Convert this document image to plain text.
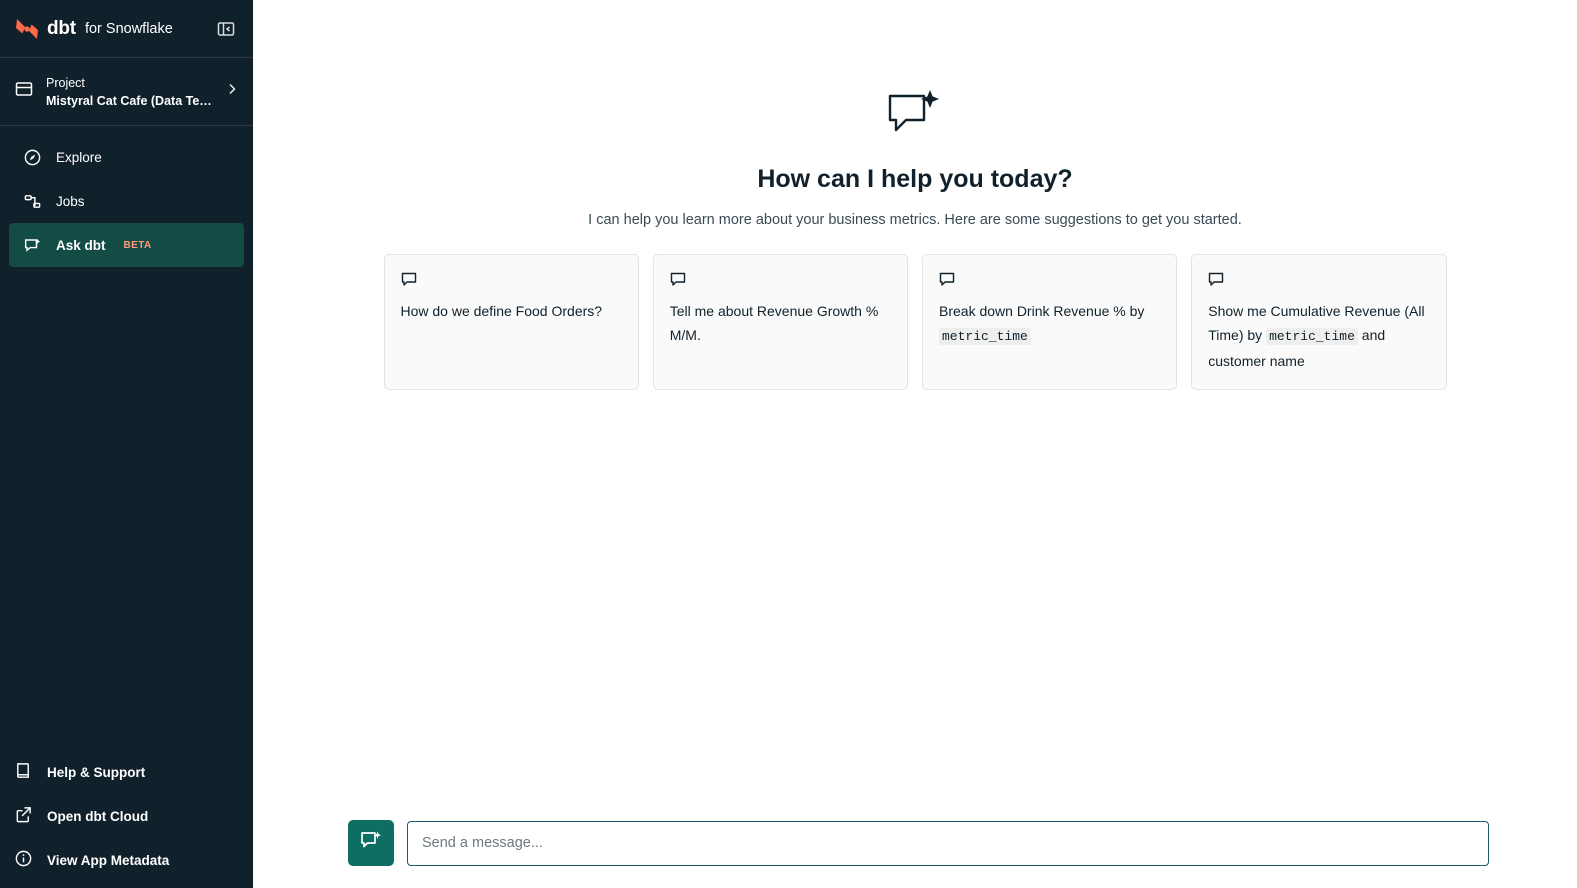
dbt for Snowflake
Project
Mistyral Cat Cafe (Data Te…
Explore
Jobs
Ask dbt BETA
Help & Support
Open dbt Cloud
View App Metadata
How can I help you today?

I can help you learn more about your business metrics. Here are some suggestions to get you started.

How do we define Food Orders?	Tell me about Revenue Growth % M/M.
Break down Drink Revenue % by metric_time
Show me Cumulative Revenue (All Time) by metric_time and customer name
Send a message...
